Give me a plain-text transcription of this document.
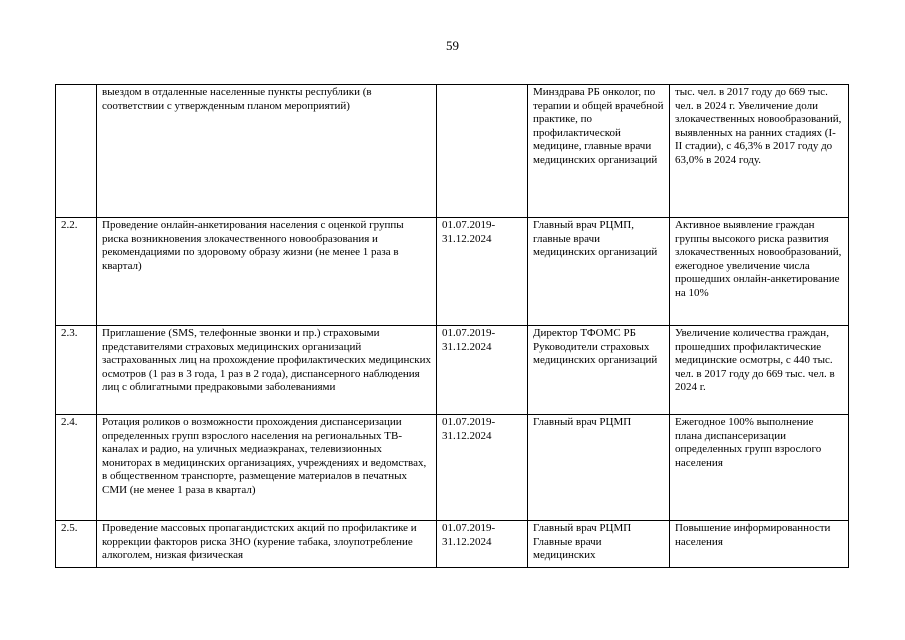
59
	выездом в отдаленные населенные пункты республики (в соответствии с утвержденным планом мероприятий)		Минздрава РБ онколог, по терапии и общей врачебной практике, по профилактической медицине, главные врачи медицинских организаций	тыс. чел. в 2017 году до 669 тыс. чел. в 2024 г. Увеличение доли злокачественных новообразований, выявленных на ранних стадиях (I-II стадии), с 46,3% в 2017 году до 63,0% в 2024 году.
2.2.	Проведение онлайн-анкетирования населения с оценкой группы риска возникновения злокачественного новообразования и рекомендациями по здоровому образу жизни (не менее 1 раза в квартал)	01.07.2019-31.12.2024	Главный врач РЦМП, главные врачи медицинских организаций	Активное выявление граждан группы высокого риска развития злокачественных новообразований, ежегодное увеличение числа прошедших онлайн-анкетирование на 10%
2.3.	Приглашение (SMS, телефонные звонки и пр.) страховыми представителями страховых медицинских организаций застрахованных лиц на прохождение профилактических медицинских осмотров (1 раз в 3 года, 1 раз в 2 года), диспансерного наблюдения лиц с облигатными предраковыми заболеваниями	01.07.2019-31.12.2024	Директор ТФОМС РБ Руководители страховых медицинских организаций	Увеличение количества граждан, прошедших профилактические медицинские осмотры, с 440 тыс. чел. в 2017 году до 669 тыс. чел. в 2024 г.
2.4.	Ротация роликов о возможности прохождения диспансеризации определенных групп взрослого населения на региональных ТВ-каналах и радио, на уличных медиаэкранах, телевизионных мониторах в медицинских организациях, учреждениях и ведомствах, в общественном транспорте, размещение материалов в печатных СМИ (не менее 1 раза в квартал)	01.07.2019-31.12.2024	Главный врач РЦМП	Ежегодное 100% выполнение плана диспансеризации определенных групп взрослого населения
2.5.	Проведение массовых пропагандистских акций по профилактике и коррекции факторов риска ЗНО (курение табака, злоупотребление алкоголем, низкая физическая	01.07.2019-31.12.2024	Главный врач РЦМП Главные врачи медицинских	Повышение информированности населения
